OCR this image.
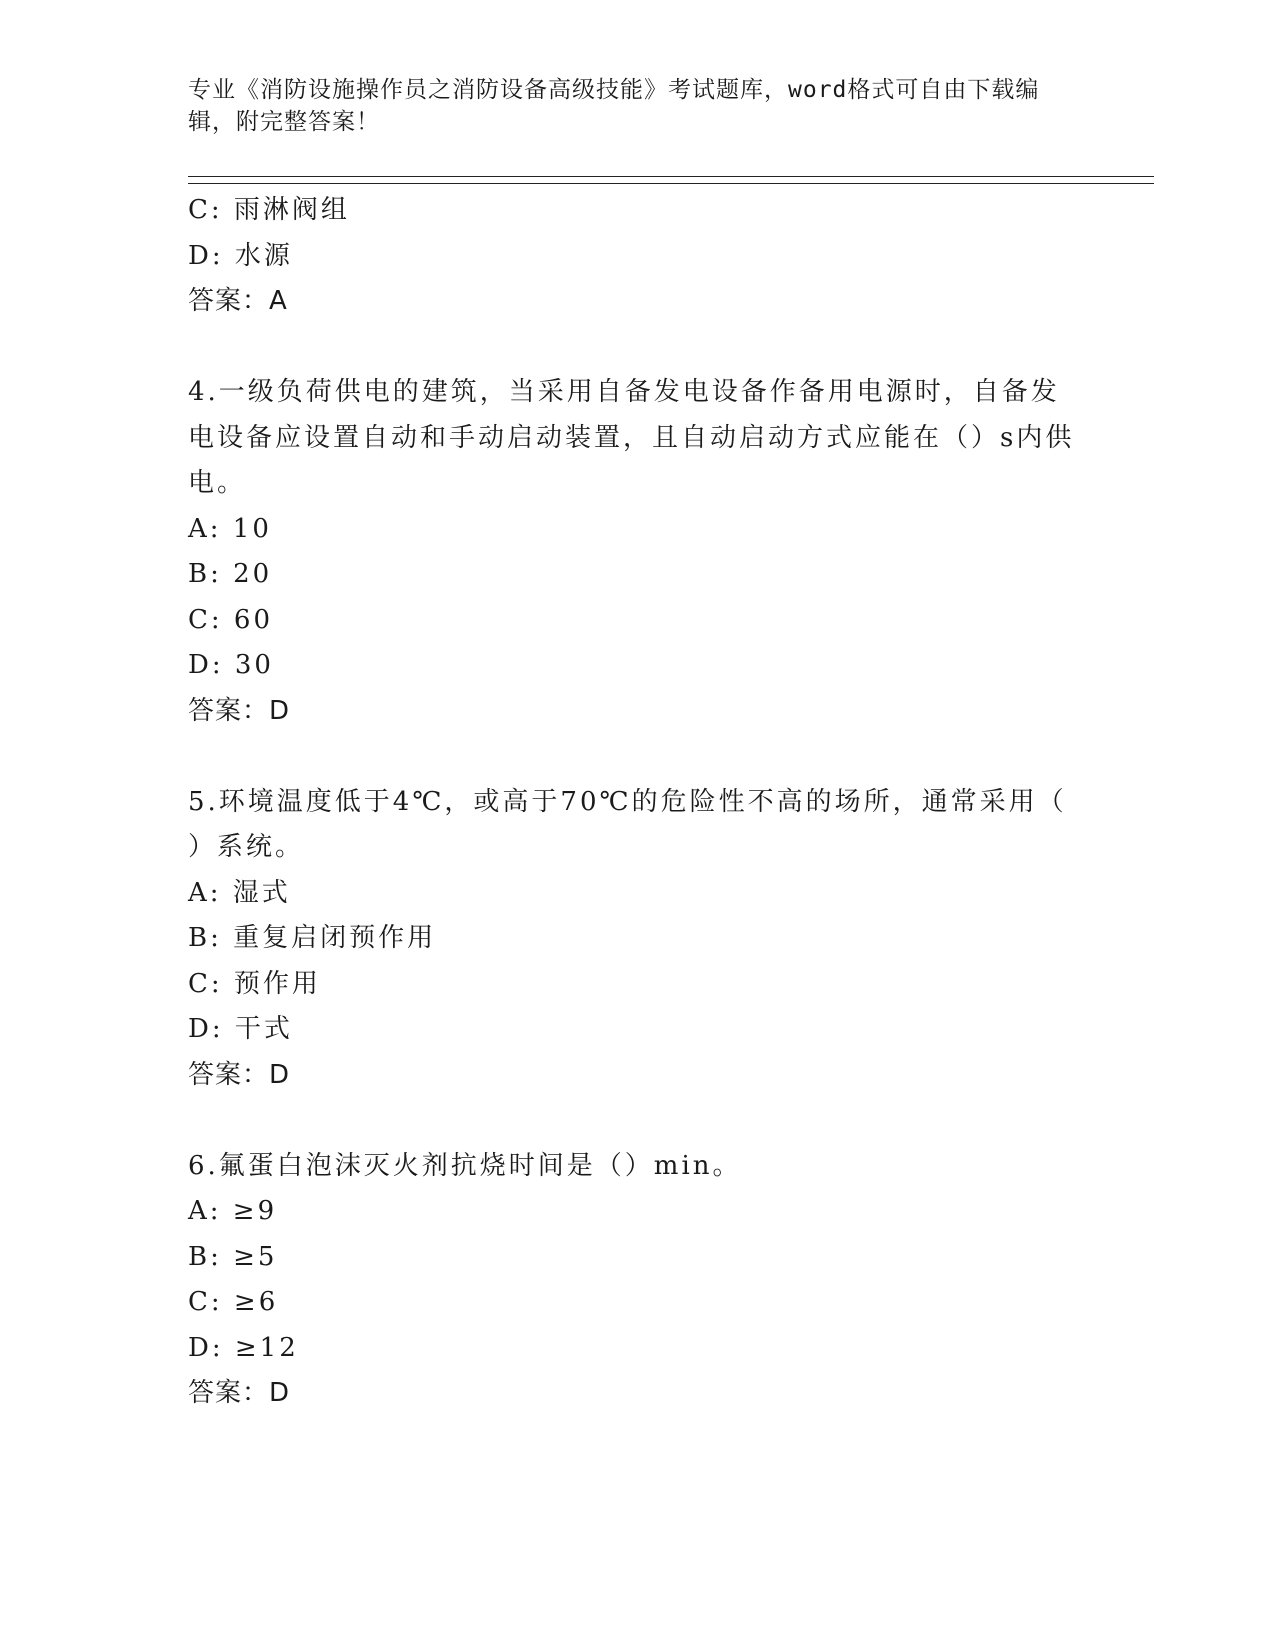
专业《消防设施操作员之消防设备高级技能》考试题库，word格式可自由下载编
辑，附完整答案！
C: 雨淋阀组
D: 水源
答案：A
4.一级负荷供电的建筑，当采用自备发电设备作备用电源时，自备发
电设备应设置自动和手动启动装置，且自动启动方式应能在（）s内供
电。
A: 10
B: 20
C: 60
D: 30
答案：D
5.环境温度低于4℃，或高于70℃的危险性不高的场所，通常采用（
）系统。
A: 湿式
B: 重复启闭预作用
C: 预作用
D: 干式
答案：D
6.氟蛋白泡沫灭火剂抗烧时间是（）min。
A: ≥9
B: ≥5
C: ≥6
D: ≥12
答案：D
